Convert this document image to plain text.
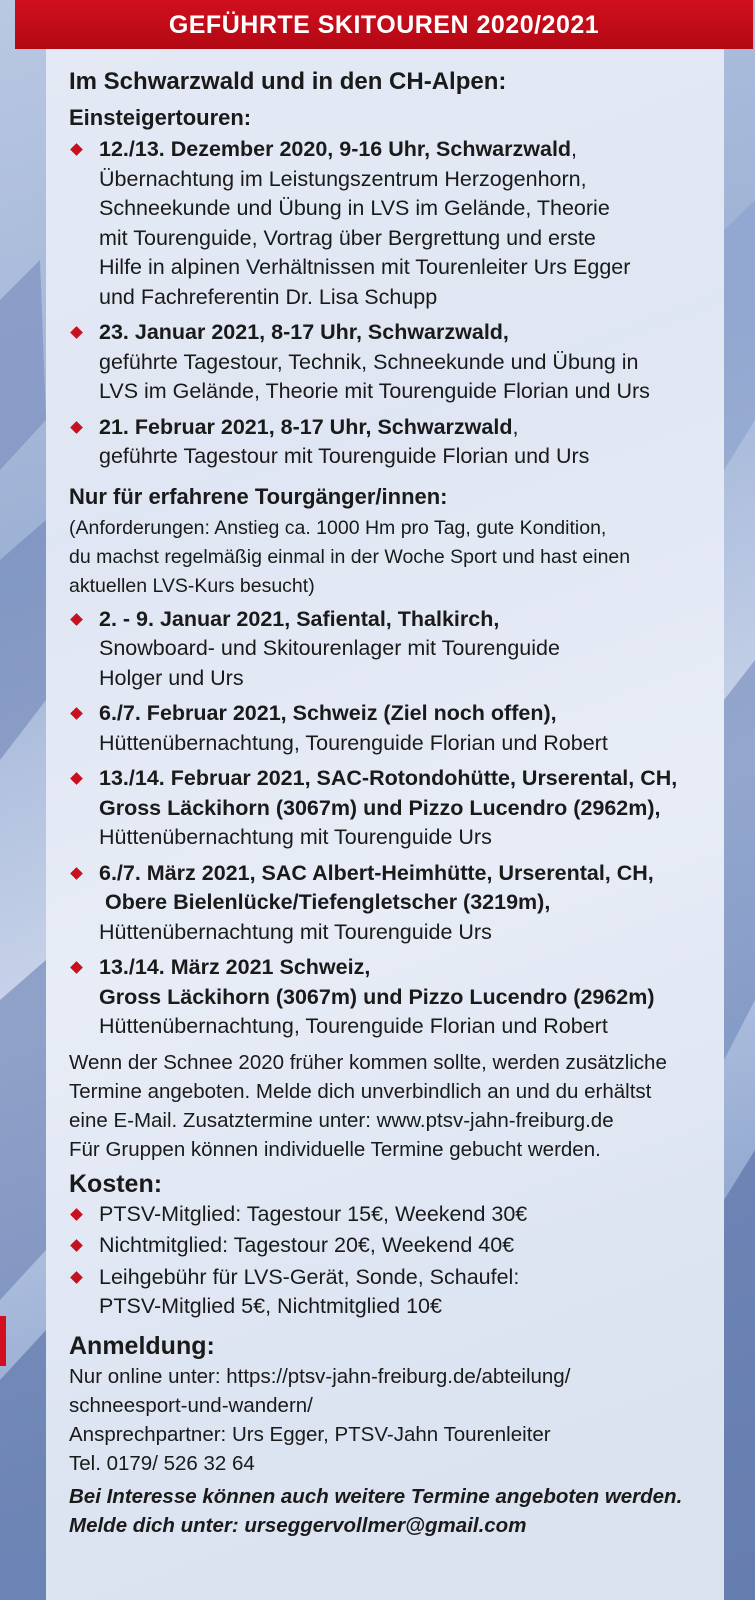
GEFÜHRTE SKITOUREN 2020/2021
Im Schwarzwald und in den CH-Alpen:
Einsteigertouren:
12./13. Dezember 2020, 9-16 Uhr, Schwarzwald,
Übernachtung im Leistungszentrum Herzogenhorn,
Schneekunde und Übung in LVS im Gelände, Theorie
mit Tourenguide, Vortrag über Bergrettung und erste
Hilfe in alpinen Verhältnissen mit Tourenleiter Urs Egger
und Fachreferentin Dr. Lisa Schupp
23. Januar 2021, 8-17 Uhr, Schwarzwald,
geführte Tagestour, Technik, Schneekunde und Übung in
LVS im Gelände, Theorie mit Tourenguide Florian und Urs
21. Februar 2021, 8-17 Uhr, Schwarzwald,
geführte Tagestour mit Tourenguide Florian und Urs
Nur für erfahrene Tourgänger/innen:
(Anforderungen: Anstieg ca. 1000 Hm pro Tag, gute Kondition,
du machst regelmäßig einmal in der Woche Sport und hast einen
aktuellen LVS-Kurs besucht)
2. - 9. Januar 2021, Safiental, Thalkirch,
Snowboard- und Skitourenlager mit Tourenguide
Holger und Urs
6./7. Februar 2021, Schweiz (Ziel noch offen),
Hüttenübernachtung, Tourenguide Florian und Robert
13./14. Februar 2021, SAC-Rotondohütte, Urserental, CH,
Gross Läckihorn (3067m) und Pizzo Lucendro (2962m),
Hüttenübernachtung mit Tourenguide Urs
6./7. März 2021, SAC Albert-Heimhütte, Urserental, CH,
Obere Bielenlücke/Tiefengletscher (3219m),
Hüttenübernachtung mit Tourenguide Urs
13./14. März 2021 Schweiz,
Gross Läckihorn (3067m) und Pizzo Lucendro (2962m)
Hüttenübernachtung, Tourenguide Florian und Robert
Wenn der Schnee 2020 früher kommen sollte, werden zusätzliche
Termine angeboten. Melde dich unverbindlich an und du erhältst
eine E-Mail. Zusatztermine unter: www.ptsv-jahn-freiburg.de
Für Gruppen können individuelle Termine gebucht werden.
Kosten:
PTSV-Mitglied: Tagestour 15€, Weekend 30€
Nichtmitglied: Tagestour 20€, Weekend 40€
Leihgebühr für LVS-Gerät, Sonde, Schaufel:
PTSV-Mitglied 5€, Nichtmitglied 10€
Anmeldung:
Nur online unter: https://ptsv-jahn-freiburg.de/abteilung/
schneesport-und-wandern/
Ansprechpartner: Urs Egger, PTSV-Jahn Tourenleiter
Tel. 0179/ 526 32 64
Bei Interesse können auch weitere Termine angeboten werden.
Melde dich unter: urseggervollmer@gmail.com
